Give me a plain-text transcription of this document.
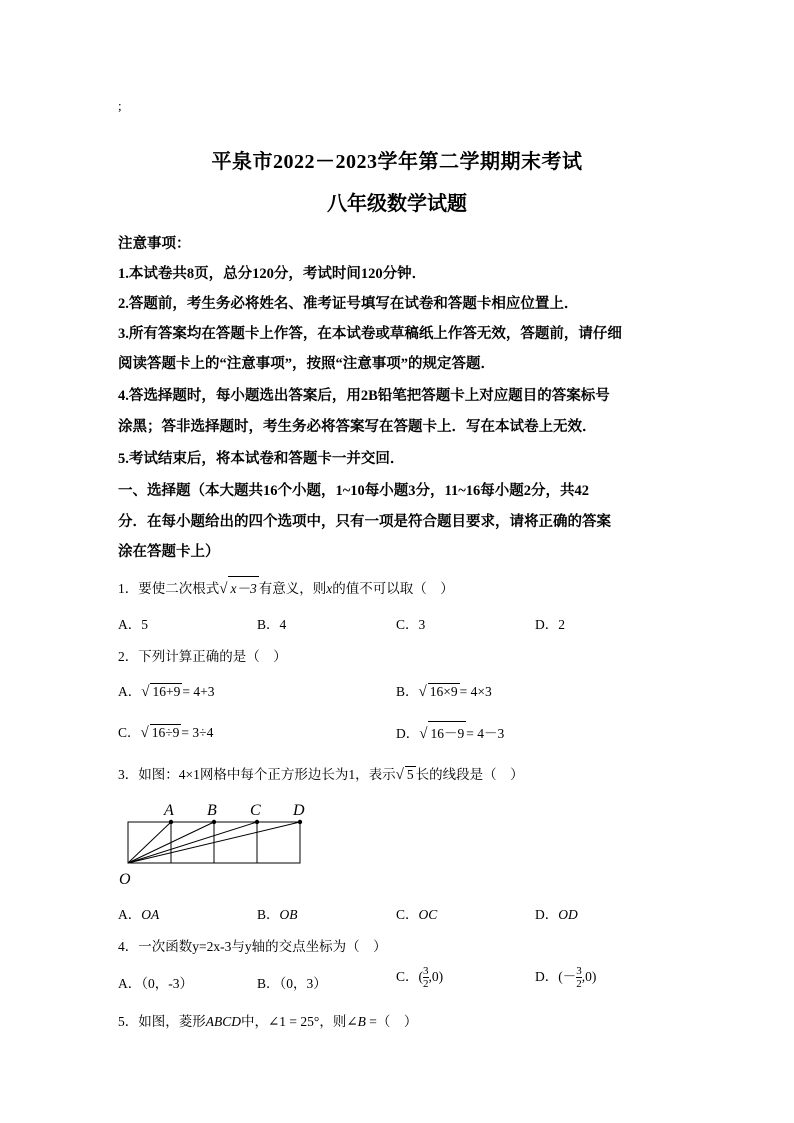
;
平泉市2022－2023学年第二学期期末考试
八年级数学试题
注意事项：
1.本试卷共8页，总分120分，考试时间120分钟．
2.答题前，考生务必将姓名、准考证号填写在试卷和答题卡相应位置上．
3.所有答案均在答题卡上作答，在本试卷或草稿纸上作答无效，答题前，请仔细
阅读答题卡上的“注意事项”，按照“注意事项”的规定答题．
4.答选择题时，每小题选出答案后，用2B铅笔把答题卡上对应题目的答案标号
涂黑；答非选择题时，考生务必将答案写在答题卡上．写在本试卷上无效．
5.考试结束后，将本试卷和答题卡一并交回．
一、选择题（本大题共16个小题，1~10每小题3分，11~16每小题2分，共42
分．在每小题给出的四个选项中，只有一项是符合题目要求，请将正确的答案
涂在答题卡上）
1．要使二次根式√ x－3 有意义，则x的值不可以取（　）
A．5	B．4	C．3	D．2
2．下列计算正确的是（　）
A．√ 16+9 = 4+3	B．√ 16×9 = 4×3
C．√ 16÷9 = 3÷4	D．√ 16－9 = 4－3
3．如图：4×1网格中每个正方形边长为1，表示√ 5 长的线段是（　）
A B C D
O
A．OA	B．OB	C．OC	D．OD
4．一次函数y=2x-3与y轴的交点坐标为（　）
A．（0，-3）	B．（0，3）	C．( $\frac{3}{2} ,0$)	D．(－ $\frac{3}{2} ,0$)
5．如图，菱形ABCD中，∠1 = 25°，则∠B =（　）
